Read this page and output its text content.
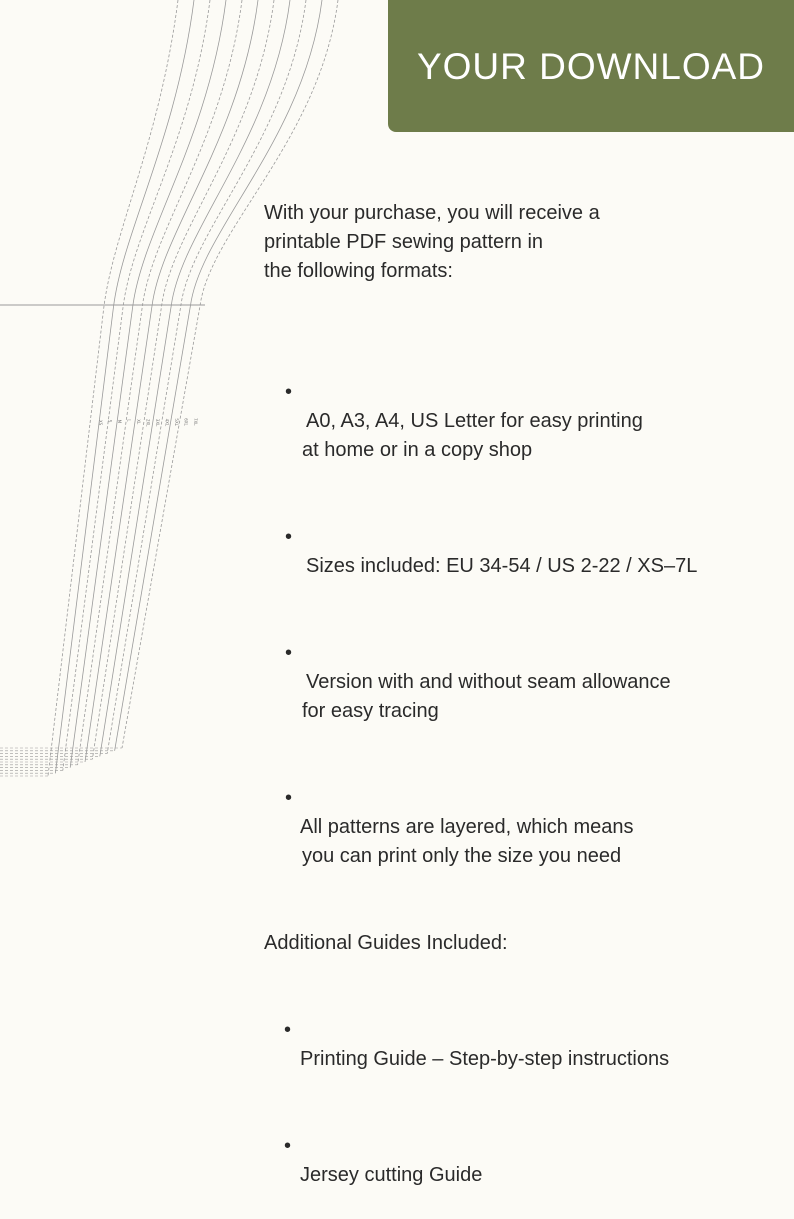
XS S M L XL 2XL 3XL 4XL 5XL 6XL 7XL
YOUR DOWNLOAD

With your purchase, you will receive a
printable PDF sewing pattern in
the following formats:

•

A0, A3, A4, US Letter for easy printing
at home or in a copy shop

•

Sizes included: EU 34-54 / US 2-22 / XS–7L

•

Version with and without seam allowance
for easy tracing

•

All patterns are layered, which means
you can print only the size you need

Additional Guides Included:

•

Printing Guide – Step-by-step instructions

•

Jersey cutting Guide
